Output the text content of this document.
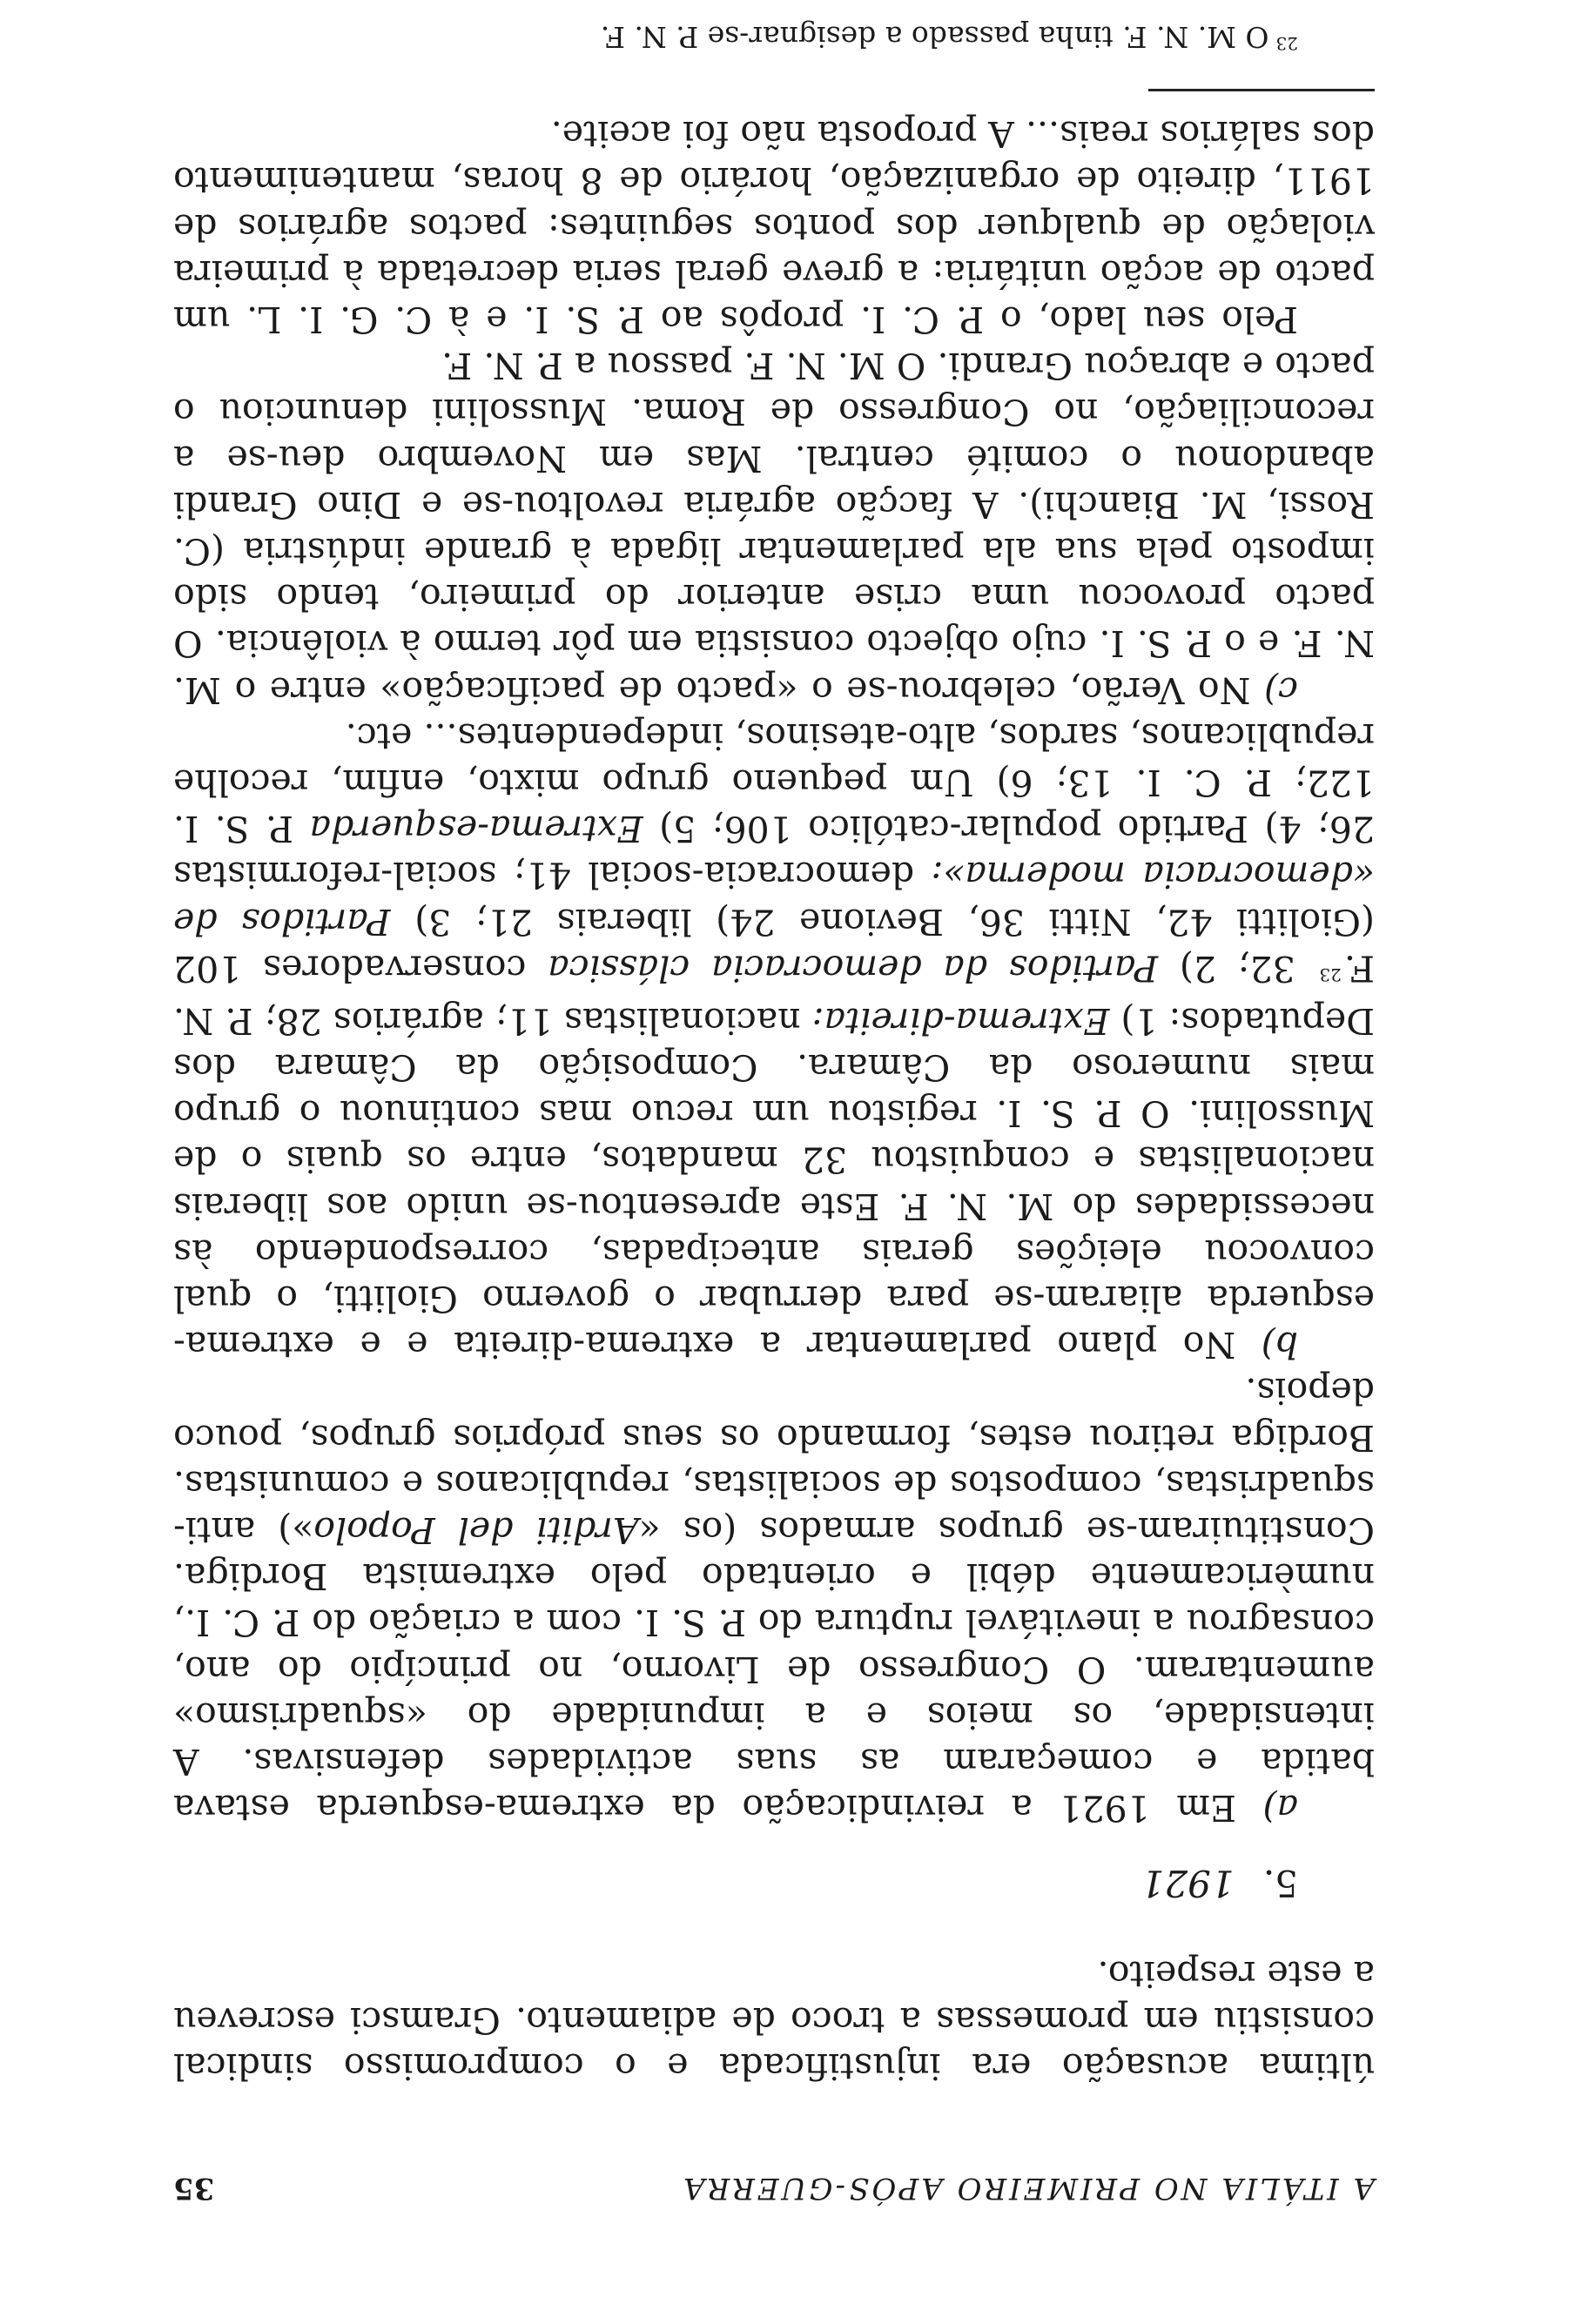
A ITÁLIA NO PRIMEIRO APÓS-GUERRA
35

última acusação era injustificada e o compromisso sindical consistiu em promessas a troco de adiamento. Gramsci escreveu a este respeito.

5. 1921

a) Em 1921 a reivindicação da extrema-esquerda estava batida e começaram as suas actividades defensivas. A intensidade, os meios e a impunidade do «squadrismo» aumentaram. O Congresso de Livorno, no princípio do ano, consagrou a inevitável ruptura do P. S. I. com a criação do P. C. I., numèricamente débil e orientado pelo extremista Bordiga. Constituiram-se grupos armados (os «Arditi del Popolo») anti-squadristas, compostos de socialistas, republicanos e comunistas. Bordiga retirou estes, formando os seus próprios grupos, pouco depois.

b) No plano parlamentar a extrema-direita e e extrema-esquerda aliaram-se para derrubar o governo Giolitti, o qual convocou eleições gerais antecipadas, correspondendo às necessidades do M. N. F. Este apresentou-se unido aos liberais nacionalistas e conquistou 32 mandatos, entre os quais o de Mussolini. O P. S. I. registou um recuo mas continuou o grupo mais numeroso da Câmara. Composição da Câmara dos Deputados: 1) Extrema-direita: nacionalistas 11; agrários 28; P. N. F.$^{23}$ 32; 2) Partidos da democracia clássica conservadores 102 (Giolitti 42, Nitti 36, Bevione 24) liberais 21; 3) Partidos de «democracia moderna»: democracia-social 41; social-reformistas 26; 4) Partido popular-católico 106; 5) Extrema-esquerda P. S. I. 122; P. C. I. 13; 6) Um pequeno grupo mixto, enfim, recolhe republicanos, sardos, alto-atesinos, independentes... etc.

c) No Verão, celebrou-se o «pacto de pacificação» entre o M. N. F. e o P. S. I. cujo objecto consistia em pôr termo à violência. O pacto provocou uma crise anterior do primeiro, tendo sido imposto pela sua ala parlamentar ligada à grande indústria (C. Rossi, M. Bianchi). A facção agrária revoltou-se e Dino Grandi abandonou o comité central. Mas em Novembro deu-se a reconciliação, no Congresso de Roma. Mussolini denunciou o pacto e abraçou Grandi. O M. N. F. passou a P. N. F.

Pelo seu lado, o P. C. I. propôs ao P. S. I. e à C. G. I. L. um pacto de acção unitária: a greve geral seria decretada à primeira violação de qualquer dos pontos seguintes: pactos agrários de 1911, direito de organização, horário de 8 horas, mantenimento dos salários reais... A proposta não foi aceite.

$^{23}$O M. N. F. tinha passado a designar-se P. N. F.
